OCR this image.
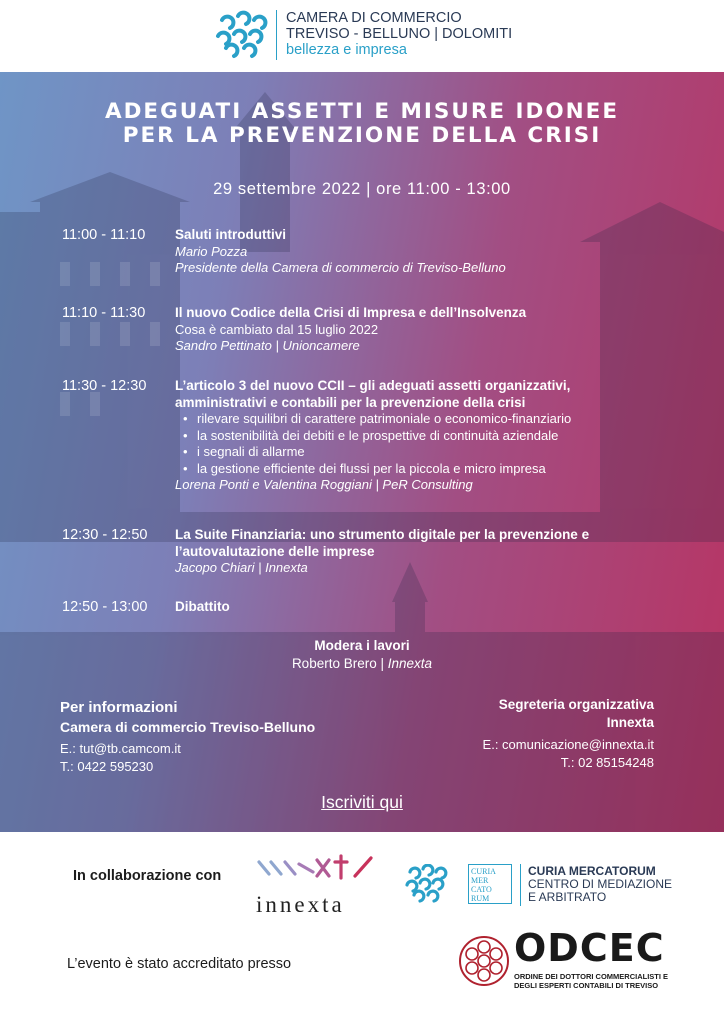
CAMERA DI COMMERCIO
TREVISO - BELLUNO | DOLOMITI
bellezza e impresa
ADEGUATI ASSETTI E MISURE IDONEE
PER LA PREVENZIONE DELLA CRISI
29 settembre 2022 | ore 11:00 - 13:00
11:00 - 11:10 Saluti introduttivi
Mario Pozza
Presidente della Camera di commercio di Treviso-Belluno
11:10 - 11:30 Il nuovo Codice della Crisi di Impresa e dell’Insolvenza
Cosa è cambiato dal 15 luglio 2022
Sandro Pettinato | Unioncamere
11:30 - 12:30 L’articolo 3 del nuovo CCII – gli adeguati assetti organizzativi,
amministrativi e contabili per la prevenzione della crisi
• rilevare squilibri di carattere patrimoniale o economico-finanziario
• la sostenibilità dei debiti e le prospettive di continuità aziendale
• i segnali di allarme
• la gestione efficiente dei flussi per la piccola e micro impresa
Lorena Ponti e Valentina Roggiani | PeR Consulting
12:30 - 12:50 La Suite Finanziaria: uno strumento digitale per la prevenzione e
l’autovalutazione delle imprese
Jacopo Chiari | Innexta
12:50 - 13:00 Dibattito
Modera i lavori
Roberto Brero | Innexta
Per informazioni
Camera di commercio Treviso-Belluno
E.: tut@tb.camcom.it
T.: 0422 595230
Segreteria organizzativa
Innexta
E.: comunicazione@innexta.it
T.: 02 85154248
Iscriviti qui
In collaborazione con
innexta
CURIA MER CATO RUM
CURIA MERCATORUM
CENTRO DI MEDIAZIONE
E ARBITRATO
L’evento è stato accreditato presso	ODCEC
ORDINE DEI DOTTORI COMMERCIALISTI E
DEGLI ESPERTI CONTABILI DI TREVISO
